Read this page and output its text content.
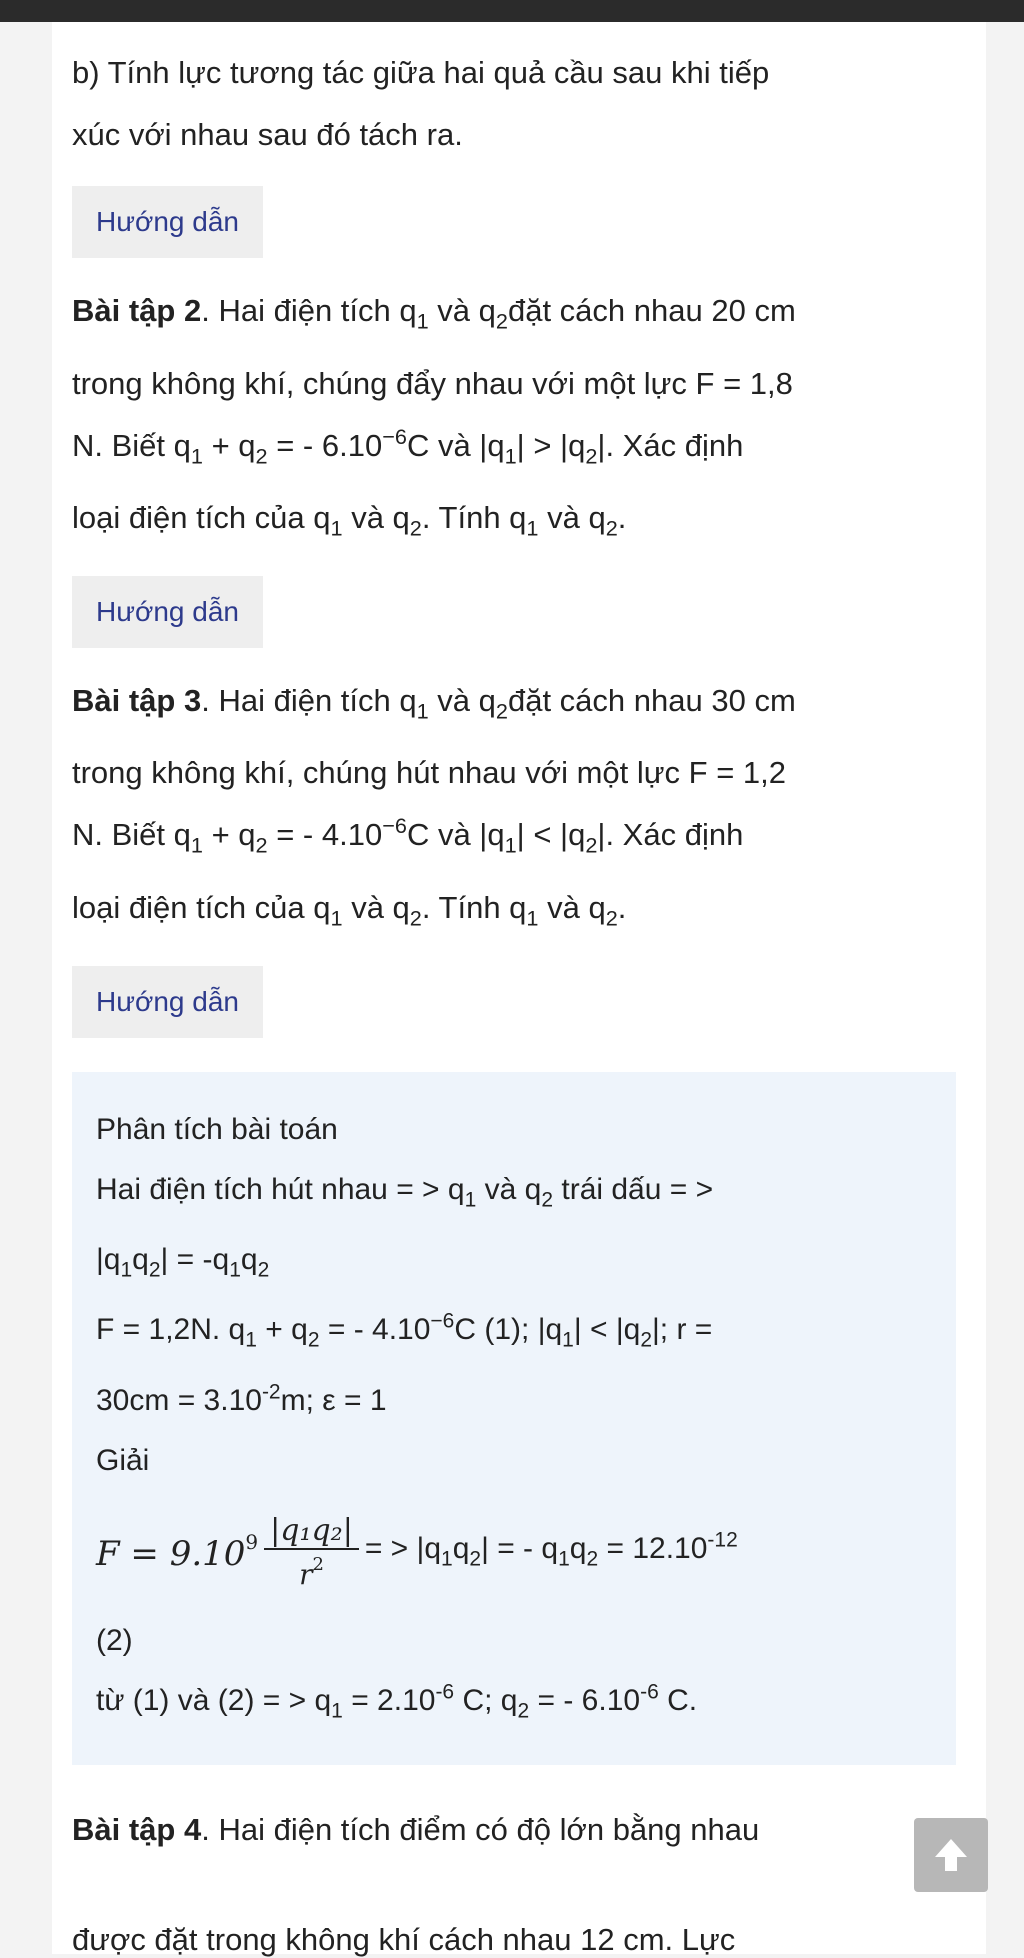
b) Tính lực tương tác giữa hai quả cầu sau khi tiếp

xúc với nhau sau đó tách ra.

Hướng dẫn

Bài tập 2. Hai điện tích $q_1$ và $q_2đặt$ cách nhau 20 cm

trong không khí, chúng đẩy nhau với một lực F = 1,8

N. Biết $q_1 + q_2$ = - $6.10^{-6}C$ và $|q_1| > |q_2|$. Xác định

loại điện tích của $q_1$ và $q_2$. Tính $q_1$ và $q_2$.

Hướng dẫn

Bài tập 3. Hai điện tích $q_1$ và $q_2đặt$ cách nhau 30 cm

trong không khí, chúng hút nhau với một lực F = 1,2

N. Biết $q_1 + q_2$ = - $4.10^{-6}C$ và $|q_1| < |q_2|$. Xác định

loại điện tích của $q_1$ và $q_2$. Tính $q_1$ và $q_2$.

Hướng dẫn

Phân tích bài toán

Hai điện tích hút nhau = > $q_1$ và $q_2$ trái dấu = >

$|q_1q_2| = -q_1q_2$

F = 1,2N. $q_1 + q_2$ = - $4.10^{-6}C$ (1); $|q_1| < |q_2|$; r =

$30cm = 3.10^{-2}m$; ε = 1

Giải

$F = 9.10^9 \frac{\text{|q₁q₂|}}{r^2}$ = > $|q_1q_2|$ = - $q_1q_2 = 12.10^{-12}$

(2)

từ (1) và (2) = > $q_1 = 2.10^{-6}$ C; $q_2$ = - $6.10^{-6}$ C.

Bài tập 4. Hai điện tích điểm có độ lớn bằng nhau

được đặt trong không khí cách nhau 12 cm. Lực
